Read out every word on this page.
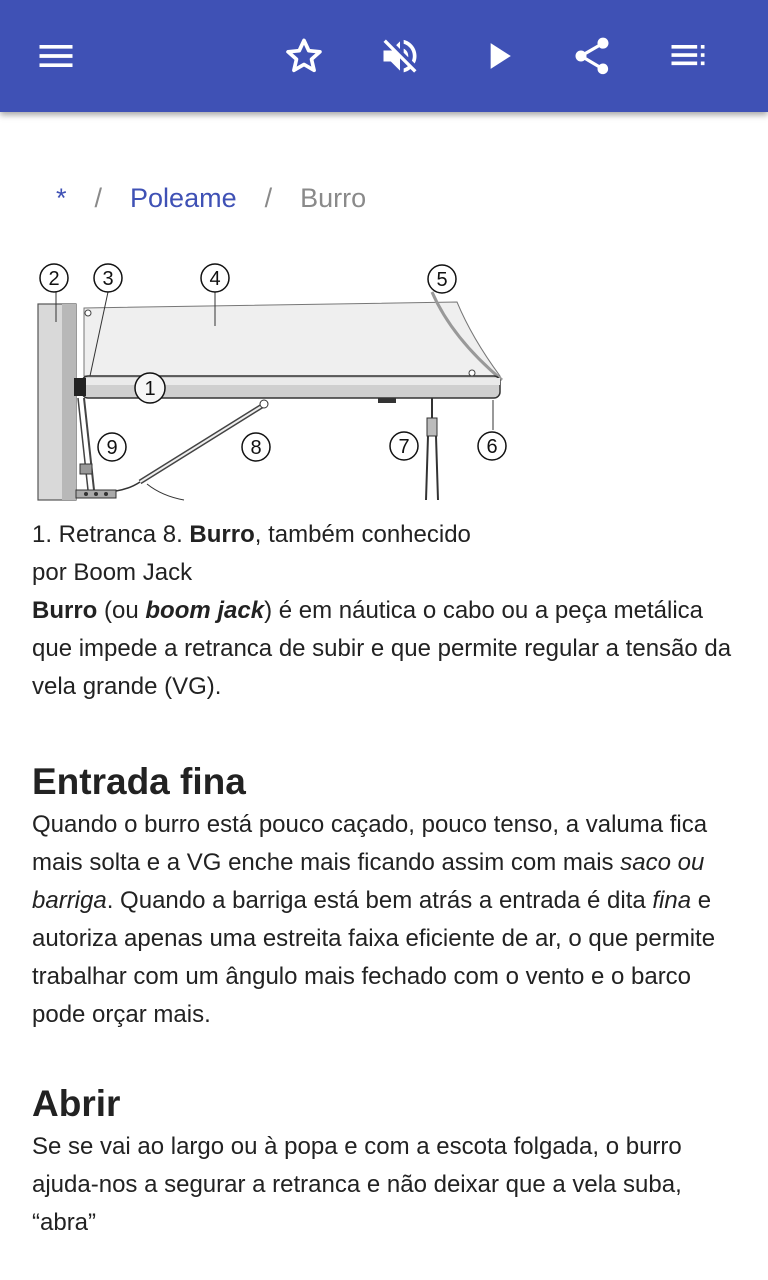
* / Poleame / Burro
1
2 3	4	5
6
7
8
9
1. Retranca 8. Burro, também conhecido por Boom Jack

Burro (ou boom jack) é em náutica o cabo ou a peça metálica que impede a retranca de subir e que permite regular a tensão da vela grande (VG).

Entrada fina

Quando o burro está pouco caçado, pouco tenso, a valuma fica mais solta e a VG enche mais ficando assim com mais saco ou barriga. Quando a barriga está bem atrás a entrada é dita fina e autoriza apenas uma estreita faixa eficiente de ar, o que permite trabalhar com um ângulo mais fechado com o vento e o barco pode orçar mais.

Abrir

Se se vai ao largo ou à popa e com a escota folgada, o burro ajuda-nos a segurar a retranca e não deixar que a vela suba, “abra”
